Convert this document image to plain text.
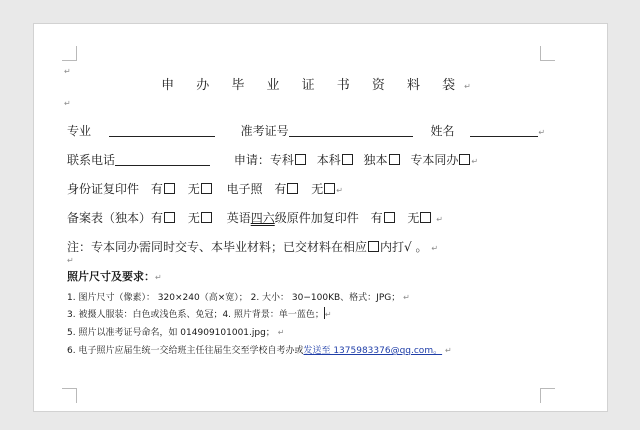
↵
申 办 毕 业 证 书 资 料 袋↵
↵
专业	准考证号	姓名	↵
联系电话	申请：专科 本科 独本 专本同办 ↵
身份证复印件 有 无 电子照 有 无 ↵
备案表（独本）有 无 英语四六级原件加复印件 有 无 ↵
注：专本同办需同时交专、本毕业材料；已交材料在相应 内打√ 。 ↵
↵
照片尺寸及要求：↵
1. 图片尺寸（像素）： 320×240（高×宽）； 2. 大小： 30−100KB、格式：JPG； ↵
3. 被摄人服装：白色或浅色系、免冠；4. 照片背景：单一蓝色；↵
5. 照片以准考证号命名，如 014909101001.jpg； ↵
6. 电子照片应届生统一交给班主任往届生交至学校自考办或发送至 1375983376@qq.com。 ↵
